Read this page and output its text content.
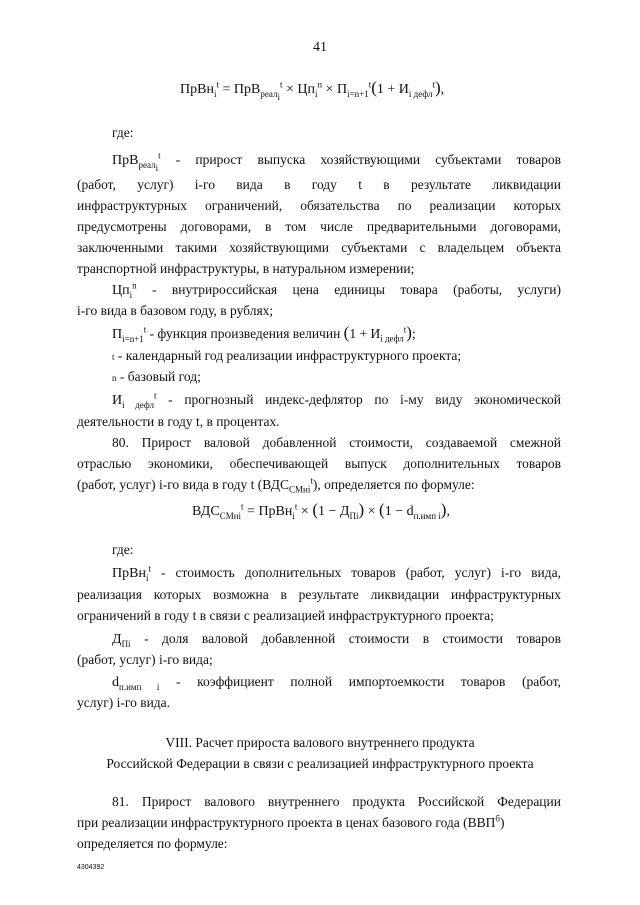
41
ПрВн$_i^t$ = $ПрВ_{реал_i}^t \times Цп_i^n \times П_{i=n+1}^t(1 + И_{i дефл}^t)$,
где:
ПрВ$_{реал_i}^t$ - прирост выпуска хозяйствующими субъектами товаров
(работ, услуг) i-го вида в году t в результате ликвидации
инфраструктурных ограничений, обязательства по реализации которых
предусмотрены договорами, в том числе предварительными договорами,
заключенными такими хозяйствующими субъектами с владельцем объекта
транспортной инфраструктуры, в натуральном измерении;
$Цп_i^n$ - внутрироссийская цена единицы товара (работы, услуги)
i-го вида в базовом году, в рублях;
$П_{i=n+1}^t$ - функция произведения величин $(1 + И_{i дефл}^t)$;
t - календарный год реализации инфраструктурного проекта;
n - базовый год;
$И_{i дефл}^t$ - прогнозный индекс-дефлятор по i-му виду экономической
деятельности в году t, в процентах.
80. Прирост валовой добавленной стоимости, создаваемой смежной
отраслью экономики, обеспечивающей выпуск дополнительных товаров
(работ, услуг) i-го вида в году t $(ВДС_{СМнi}^t)$, определяется по формуле:
$ВДС_{СМнi}^t$ = ПрВн$_i^t$ × $(1 - Д_{Пi}) \times (1 - d_{п.имп i})$,
где:
ПрВн$_i^t$ - стоимость дополнительных товаров (работ, услуг) i-го вида,
реализация которых возможна в результате ликвидации инфраструктурных
ограничений в году t в связи с реализацией инфраструктурного проекта;
$Д_{Пi}$ - доля валовой добавленной стоимости в стоимости товаров
(работ, услуг) i-го вида;
$d_{п.имп i}$ - коэффициент полной импортоемкости товаров (работ,
услуг) i-го вида.
VIII. Расчет прироста валового внутреннего продукта
Российской Федерации в связи с реализацией инфраструктурного проекта
81. Прирост валового внутреннего продукта Российской Федерации
при реализации инфраструктурного проекта в ценах базового года $(ВВП^б)$
определяется по формуле:
4304392
